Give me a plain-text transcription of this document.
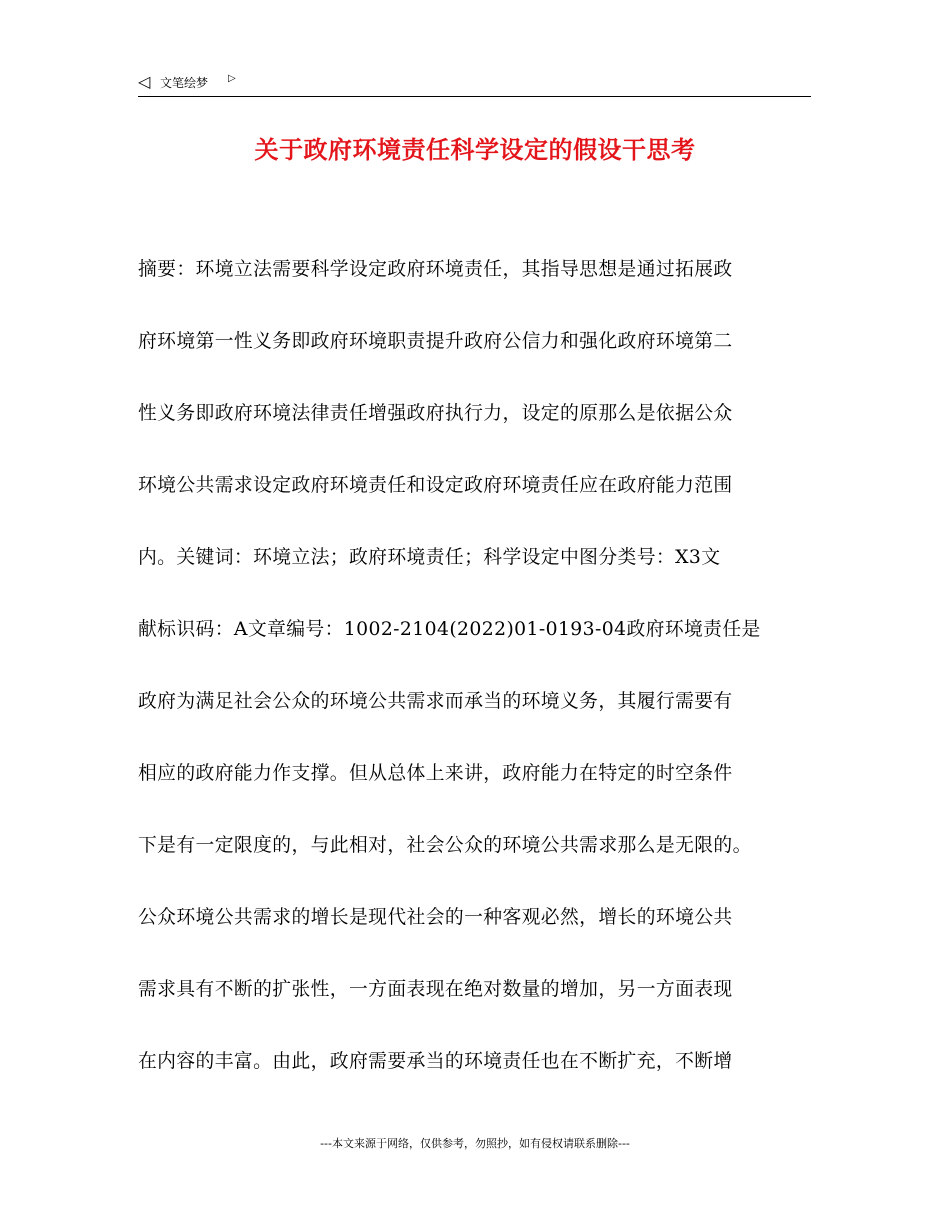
◁ 文笔绘梦 ▷
关于政府环境责任科学设定的假设干思考
摘要：环境立法需要科学设定政府环境责任，其指导思想是通过拓展政
府环境第一性义务即政府环境职责提升政府公信力和强化政府环境第二
性义务即政府环境法律责任增强政府执行力，设定的原那么是依据公众
环境公共需求设定政府环境责任和设定政府环境责任应在政府能力范围
内。关键词：环境立法；政府环境责任；科学设定中图分类号：X3文
献标识码：A文章编号：1002-2104(2022)01-0193-04政府环境责任是
政府为满足社会公众的环境公共需求而承当的环境义务，其履行需要有
相应的政府能力作支撑。但从总体上来讲，政府能力在特定的时空条件
下是有一定限度的，与此相对，社会公众的环境公共需求那么是无限的。
公众环境公共需求的增长是现代社会的一种客观必然，增长的环境公共
需求具有不断的扩张性，一方面表现在绝对数量的增加，另一方面表现
在内容的丰富。由此，政府需要承当的环境责任也在不断扩充，不断增
---本文来源于网络，仅供参考，勿照抄，如有侵权请联系删除---
